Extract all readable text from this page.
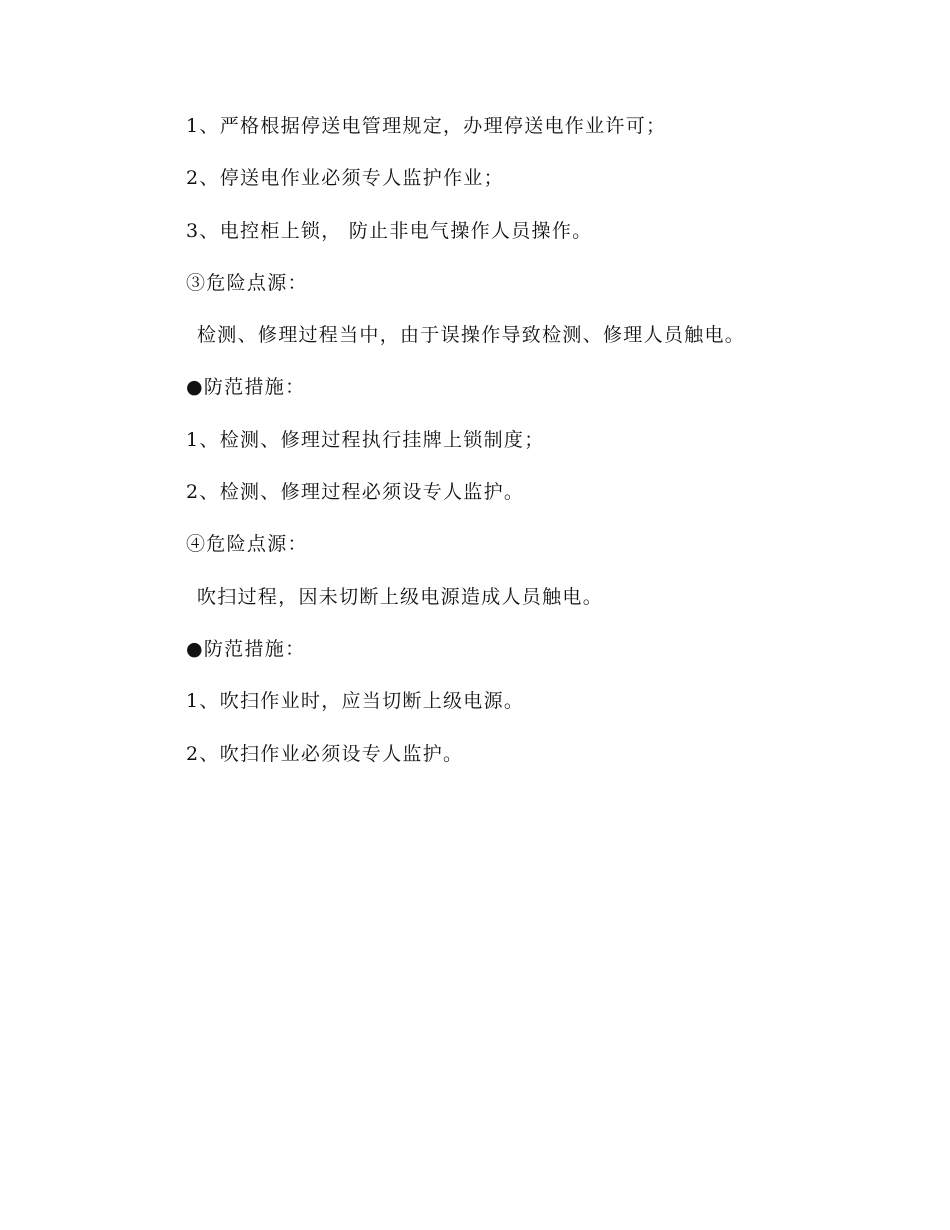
1、严格根据停送电管理规定，办理停送电作业许可；
2、停送电作业必须专人监护作业；
3、电控柜上锁， 防止非电气操作人员操作。
③危险点源：
检测、修理过程当中，由于误操作导致检测、修理人员触电。
●防范措施：
1、检测、修理过程执行挂牌上锁制度；
2、检测、修理过程必须设专人监护。
④危险点源：
吹扫过程，因未切断上级电源造成人员触电。
●防范措施：
1、吹扫作业时，应当切断上级电源。
2、吹扫作业必须设专人监护。
